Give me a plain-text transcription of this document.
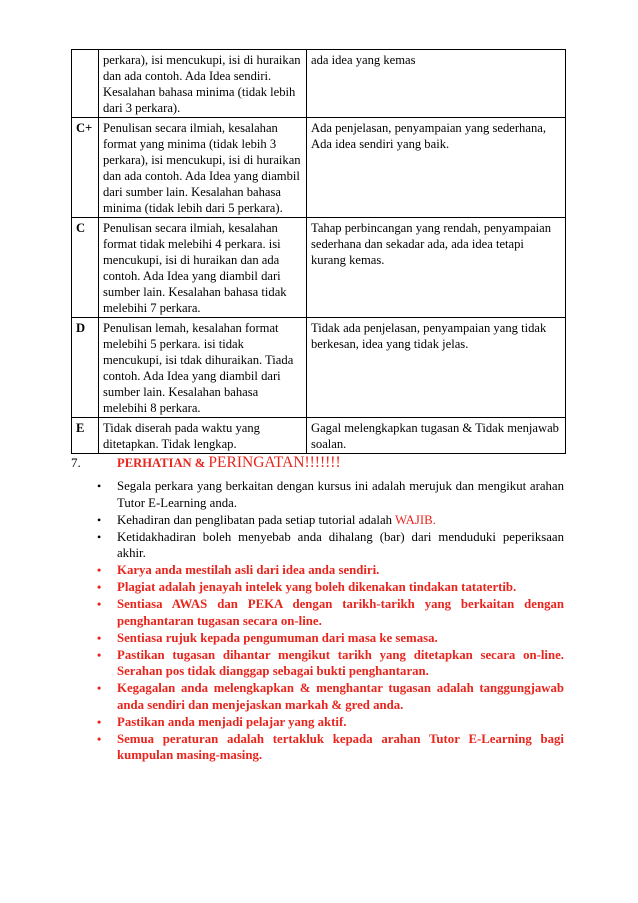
	perkara), isi mencukupi, isi di huraikan dan ada contoh. Ada Idea sendiri. Kesalahan bahasa minima (tidak lebih dari 3 perkara).	ada idea yang kemas
C+	Penulisan secara ilmiah, kesalahan format yang minima (tidak lebih 3 perkara), isi mencukupi, isi di huraikan dan ada contoh. Ada Idea yang diambil dari sumber lain. Kesalahan bahasa minima (tidak lebih dari 5 perkara).	Ada penjelasan, penyampaian yang sederhana, Ada idea sendiri yang baik.
C	Penulisan secara ilmiah, kesalahan format tidak melebihi 4 perkara. isi mencukupi, isi di huraikan dan ada contoh. Ada Idea yang diambil dari sumber lain. Kesalahan bahasa tidak melebihi 7 perkara.	Tahap perbincangan yang rendah, penyampaian sederhana dan sekadar ada, ada idea tetapi kurang kemas.
D	Penulisan lemah, kesalahan format melebihi 5 perkara. isi tidak mencukupi, isi tdak dihuraikan. Tiada contoh. Ada Idea yang diambil dari sumber lain. Kesalahan bahasa melebihi 8 perkara.	Tidak ada penjelasan, penyampaian yang tidak berkesan, idea yang tidak jelas.
E	Tidak diserah pada waktu yang ditetapkan. Tidak lengkap.	Gagal melengkapkan tugasan & Tidak menjawab soalan.
7.	PERHATIAN & PERINGATAN!!!!!!!
• Segala perkara yang berkaitan dengan kursus ini adalah merujuk dan mengikut arahan Tutor E-Learning anda.
• Kehadiran dan penglibatan pada setiap tutorial adalah WAJIB.
• Ketidakhadiran boleh menyebab anda dihalang (bar) dari menduduki peperiksaan akhir.
• Karya anda mestilah asli dari idea anda sendiri.
• Plagiat adalah jenayah intelek yang boleh dikenakan tindakan tatatertib.
• Sentiasa AWAS dan PEKA dengan tarikh-tarikh yang berkaitan dengan penghantaran tugasan secara on-line.
• Sentiasa rujuk kepada pengumuman dari masa ke semasa.
• Pastikan tugasan dihantar mengikut tarikh yang ditetapkan secara on-line. Serahan pos tidak dianggap sebagai bukti penghantaran.
• Kegagalan anda melengkapkan & menghantar tugasan adalah tanggungjawab anda sendiri dan menjejaskan markah & gred anda.
• Pastikan anda menjadi pelajar yang aktif.
• Semua peraturan adalah tertakluk kepada arahan Tutor E-Learning bagi kumpulan masing-masing.
